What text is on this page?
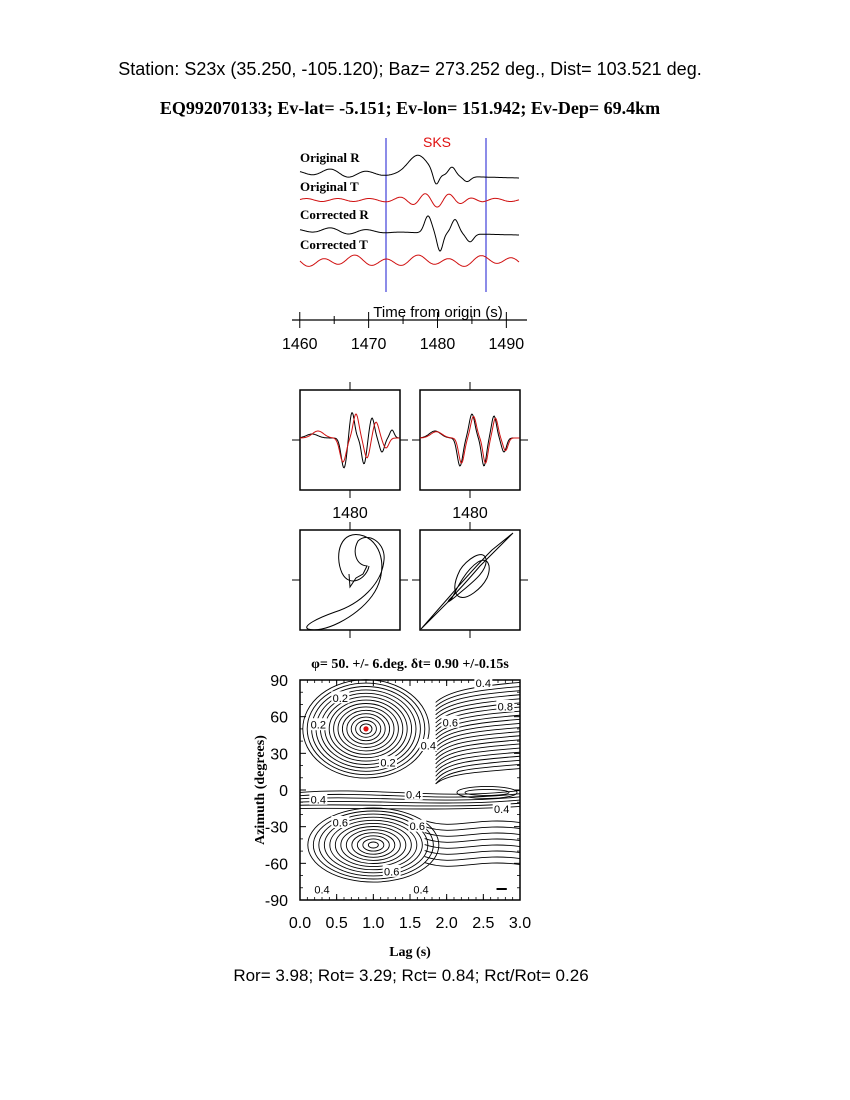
Station: S23x (35.250, -105.120); Baz= 273.252 deg., Dist= 103.521 deg.
EQ992070133; Ev-lat= -5.151; Ev-lon= 151.942; Ev-Dep= 69.4km
SKS
Original R
Original T
Corrected R
Corrected T
Time from origin (s)
1460 1470 1480 1490
1480	1480
φ= 50. +/- 6.deg. δt= 0.90 +/-0.15s
0.0 0.5 1.0 1.5 2.0 2.5 3.0
90
60
30
0
-30
-60
-90
0.2
0.2
0.2
0.4
0.6
0.4
0.8
0.4	0.4
0.6
0.6
0.4
0.6
0.4
0.4
Lag (s)
Azimuth (degrees)
Ror= 3.98; Rot= 3.29; Rct= 0.84; Rct/Rot= 0.26
